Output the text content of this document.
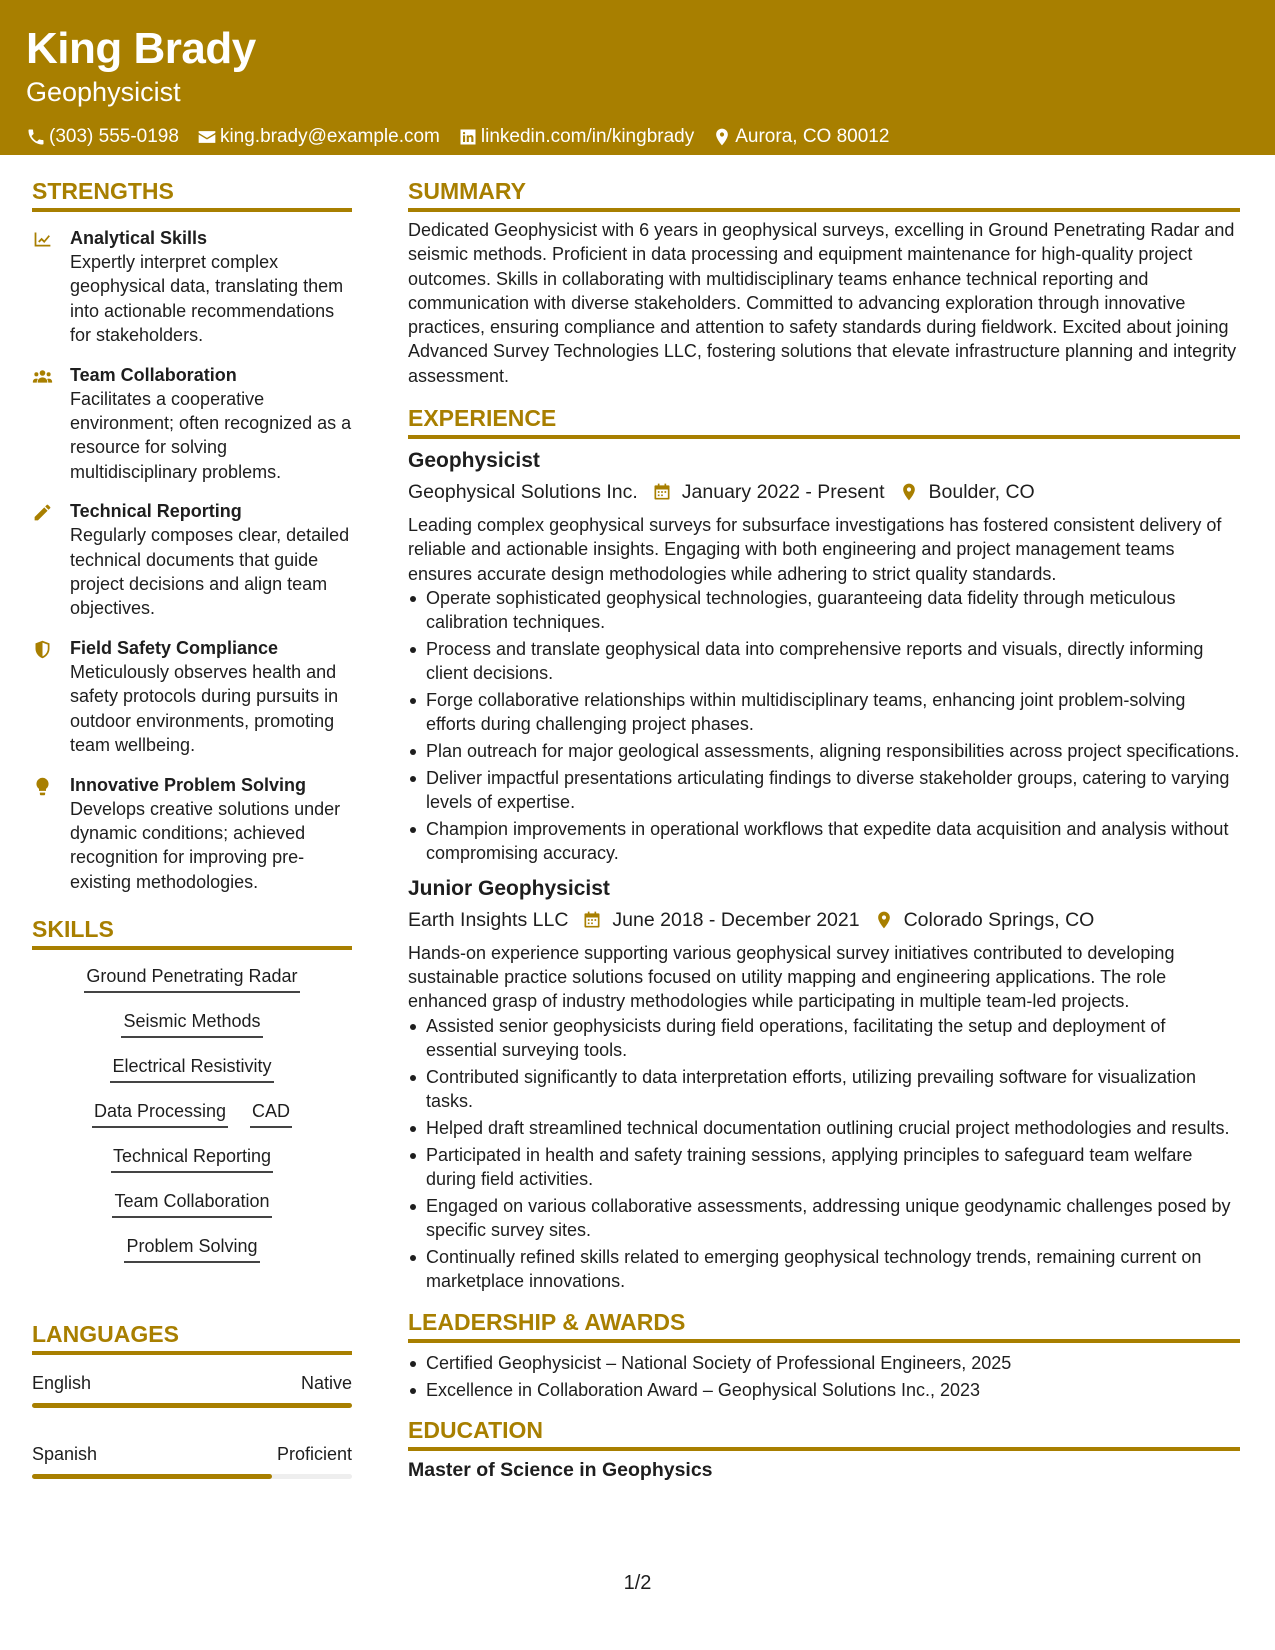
King Brady
Geophysicist
(303) 555-0198 king.brady@example.com linkedin.com/in/kingbrady Aurora, CO 80012
STRENGTHS
Analytical Skills
Expertly interpret complex geophysical data, translating them into actionable recommendations for stakeholders.
Team Collaboration
Facilitates a cooperative environment; often recognized as a resource for solving multidisciplinary problems.
Technical Reporting
Regularly composes clear, detailed technical documents that guide project decisions and align team objectives.
Field Safety Compliance
Meticulously observes health and safety protocols during pursuits in outdoor environments, promoting team wellbeing.
Innovative Problem Solving
Develops creative solutions under dynamic conditions; achieved recognition for improving pre-existing methodologies.
SKILLS
Ground Penetrating Radar
Seismic Methods
Electrical Resistivity
Data Processing CAD
Technical Reporting
Team Collaboration
Problem Solving
LANGUAGES
English	Native
Spanish	Proficient
SUMMARY
Dedicated Geophysicist with 6 years in geophysical surveys, excelling in Ground Penetrating Radar and seismic methods. Proficient in data processing and equipment maintenance for high-quality project outcomes. Skills in collaborating with multidisciplinary teams enhance technical reporting and communication with diverse stakeholders. Committed to advancing exploration through innovative practices, ensuring compliance and attention to safety standards during fieldwork. Excited about joining Advanced Survey Technologies LLC, fostering solutions that elevate infrastructure planning and integrity assessment.
EXPERIENCE
Geophysicist
Geophysical Solutions Inc. January 2022 - Present Boulder, CO
Leading complex geophysical surveys for subsurface investigations has fostered consistent delivery of reliable and actionable insights. Engaging with both engineering and project management teams ensures accurate design methodologies while adhering to strict quality standards.
Operate sophisticated geophysical technologies, guaranteeing data fidelity through meticulous calibration techniques.
Process and translate geophysical data into comprehensive reports and visuals, directly informing client decisions.
Forge collaborative relationships within multidisciplinary teams, enhancing joint problem-solving efforts during challenging project phases.
Plan outreach for major geological assessments, aligning responsibilities across project specifications.
Deliver impactful presentations articulating findings to diverse stakeholder groups, catering to varying levels of expertise.
Champion improvements in operational workflows that expedite data acquisition and analysis without compromising accuracy.
Junior Geophysicist
Earth Insights LLC June 2018 - December 2021 Colorado Springs, CO
Hands-on experience supporting various geophysical survey initiatives contributed to developing sustainable practice solutions focused on utility mapping and engineering applications. The role enhanced grasp of industry methodologies while participating in multiple team-led projects.
Assisted senior geophysicists during field operations, facilitating the setup and deployment of essential surveying tools.
Contributed significantly to data interpretation efforts, utilizing prevailing software for visualization tasks.
Helped draft streamlined technical documentation outlining crucial project methodologies and results.
Participated in health and safety training sessions, applying principles to safeguard team welfare during field activities.
Engaged on various collaborative assessments, addressing unique geodynamic challenges posed by specific survey sites.
Continually refined skills related to emerging geophysical technology trends, remaining current on marketplace innovations.
LEADERSHIP & AWARDS
Certified Geophysicist – National Society of Professional Engineers, 2025
Excellence in Collaboration Award – Geophysical Solutions Inc., 2023
EDUCATION
Master of Science in Geophysics
1/2
